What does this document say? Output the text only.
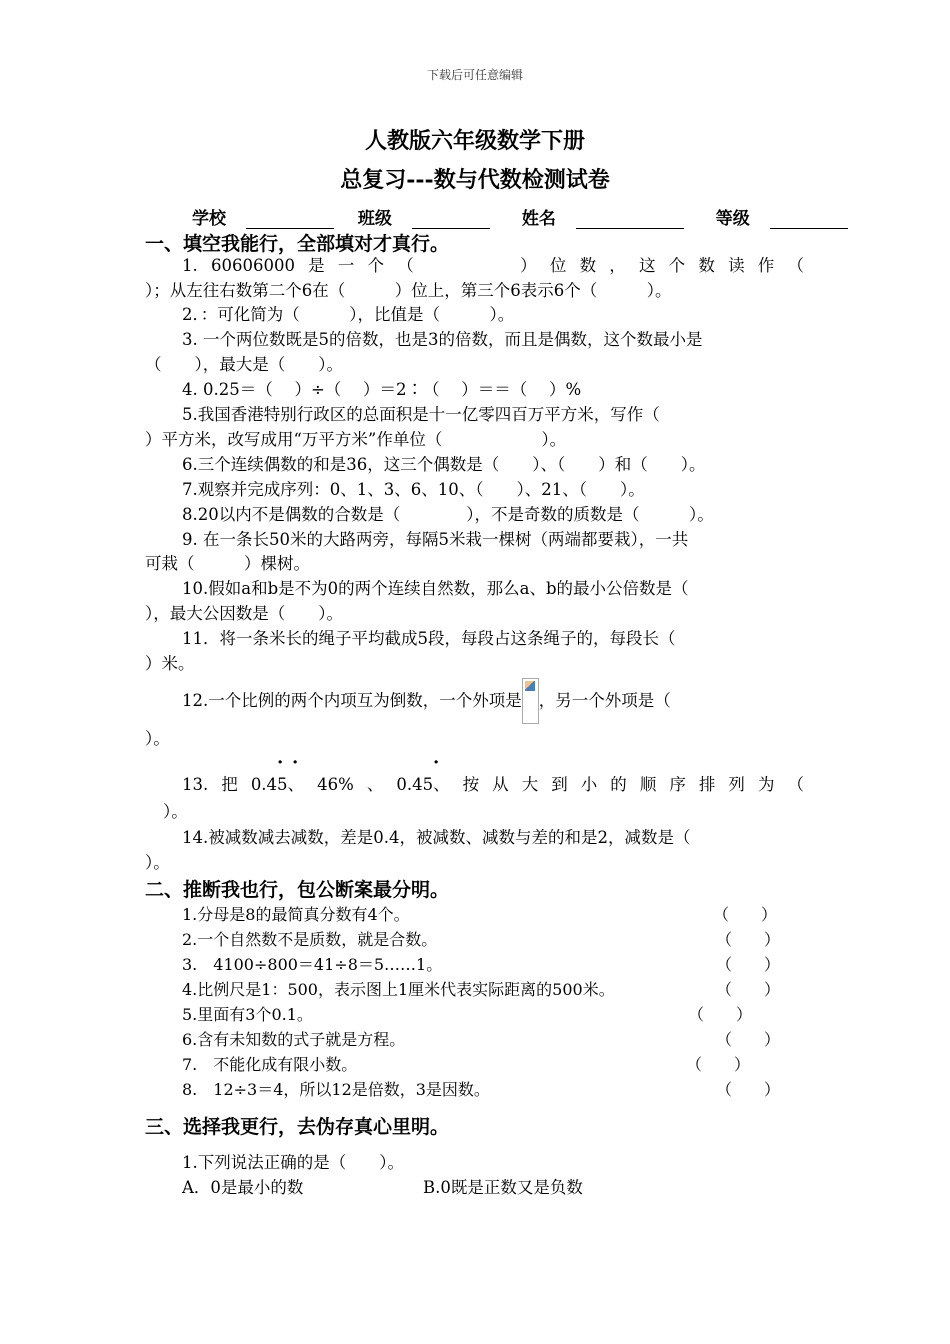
下载后可任意编辑
人教版六年级数学下册
总复习---数与代数检测试卷
学校	班级	姓名	等级
一、填空我能行，全部填对才真行。
1. 60606000 是 一 个 （	） 位 数 ， 这 个 数 读 作 （
）；从左往右数第二个6在（　　　）位上，第三个6表示6个（　　　）。
2．：可化简为（　　　），比值是（　　　）。
3. 一个两位数既是5的倍数，也是3的倍数，而且是偶数，这个数最小是
（　　），最大是（　　）。
4. 0.25＝（　 ）÷（　 ）＝2∶（　 ）＝＝（　 ）%
5.我国香港特别行政区的总面积是十一亿零四百万平方米，写作（
）平方米，改写成用“万平方米”作单位（　　　　　　）。
6.三个连续偶数的和是36，这三个偶数是（　　）、（　　）和（　　）。
7.观察并完成序列：0、1、3、6、10、（　　）、21、（　　）。
8.20以内不是偶数的合数是（　　　　），不是奇数的质数是（　　　）。
9. 在一条长50米的大路两旁，每隔5米栽一棵树（两端都要栽），一共
可栽（　　　）棵树。
10.假如a和b是不为0的两个连续自然数，那么a、b的最小公倍数是（
），最大公因数是（　　）。
11．将一条米长的绳子平均截成5段，每段占这条绳子的，每段长（
）米。
12.一个比例的两个内项互为倒数，一个外项是 ，另一个外项是（
）。
· ·	·
13. 把 0.45、 46% 、 0.45、 按 从 大 到 小 的 顺 序 排 列 为 （
）。
14.被减数减去减数，差是0.4，被减数、减数与差的和是2，减数是（
）。
二、推断我也行，包公断案最分明。
1.分母是8的最简真分数有4个。	（　　）
2.一个自然数不是质数，就是合数。	（　　）
3.　4100÷800＝41÷8＝5……1。	（　　）
4.比例尺是1：500，表示图上1厘米代表实际距离的500米。	（　　）
5.里面有3个0.1。	（　　）
6.含有未知数的式子就是方程。	（　　）
7.　不能化成有限小数。	（　　）
8.　12÷3＝4，所以12是倍数，3是因数。	（　　）
三、选择我更行，去伪存真心里明。
1.下列说法正确的是（　　）。
A．0是最小的数	B.0既是正数又是负数
